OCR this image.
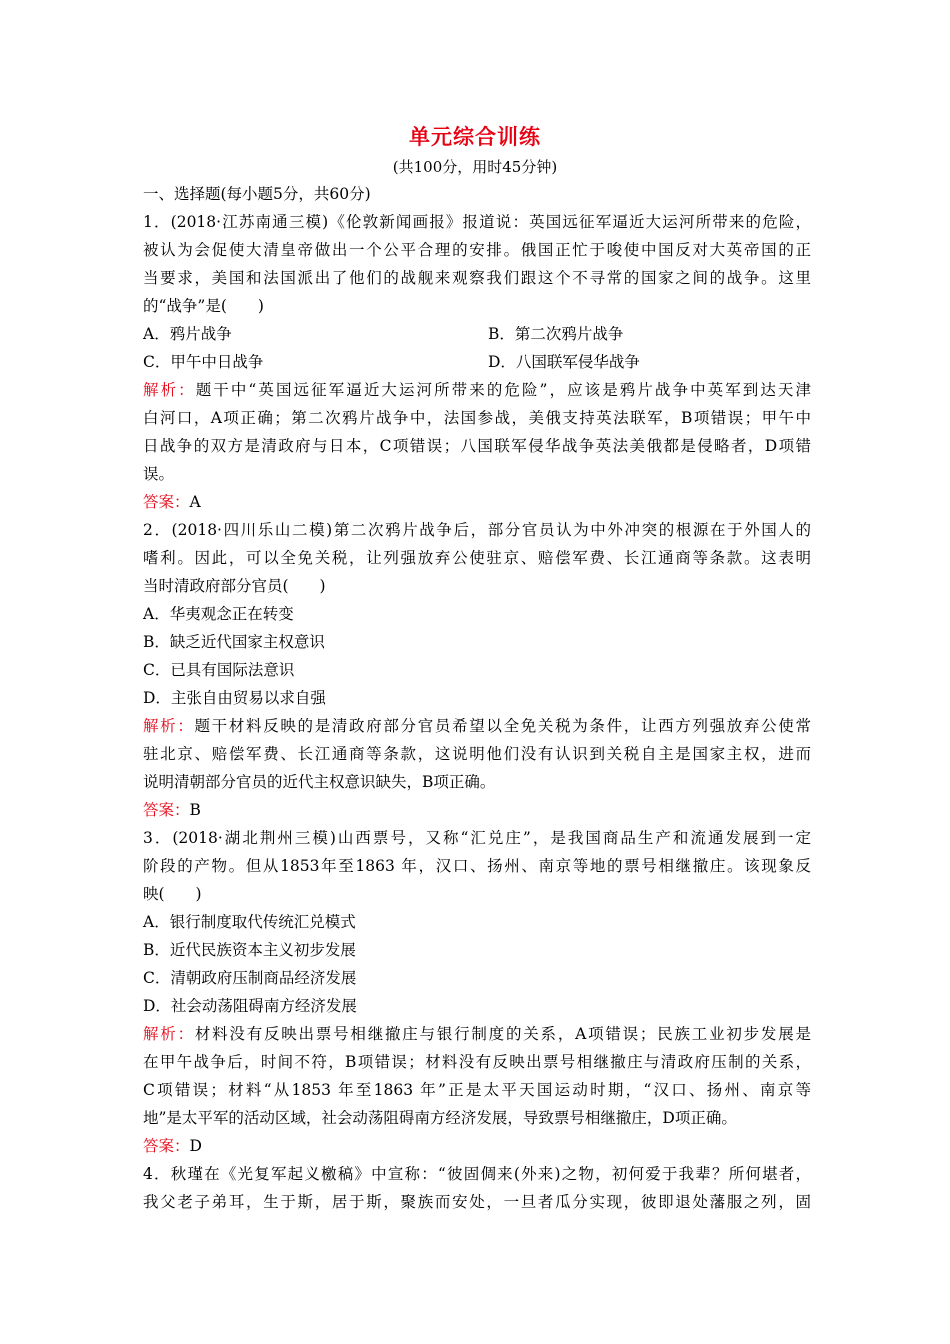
单元综合训练
(共100分，用时45分钟)
一、选择题(每小题5分，共60分)
1．(2018·江苏南通三模)《伦敦新闻画报》报道说：英国远征军逼近大运河所带来的危险，
被认为会促使大清皇帝做出一个公平合理的安排。俄国正忙于唆使中国反对大英帝国的正
当要求，美国和法国派出了他们的战舰来观察我们跟这个不寻常的国家之间的战争。这里
的“战争”是(　　)
A．鸦片战争	B．第二次鸦片战争
C．甲午中日战争	D．八国联军侵华战争
解析：题干中“英国远征军逼近大运河所带来的危险”，应该是鸦片战争中英军到达天津
白河口，A项正确；第二次鸦片战争中，法国参战，美俄支持英法联军，B项错误；甲午中
日战争的双方是清政府与日本，C项错误；八国联军侵华战争英法美俄都是侵略者，D项错
误。
答案：A
2．(2018·四川乐山二模)第二次鸦片战争后，部分官员认为中外冲突的根源在于外国人的
嗜利。因此，可以全免关税，让列强放弃公使驻京、赔偿军费、长江通商等条款。这表明
当时清政府部分官员(　　)
A．华夷观念正在转变
B．缺乏近代国家主权意识
C．已具有国际法意识
D．主张自由贸易以求自强
解析：题干材料反映的是清政府部分官员希望以全免关税为条件，让西方列强放弃公使常
驻北京、赔偿军费、长江通商等条款，这说明他们没有认识到关税自主是国家主权，进而
说明清朝部分官员的近代主权意识缺失，B项正确。
答案：B
3．(2018·湖北荆州三模)山西票号，又称“汇兑庄”，是我国商品生产和流通发展到一定
阶段的产物。但从1853年至1863 年，汉口、扬州、南京等地的票号相继撤庄。该现象反
映(　　)
A．银行制度取代传统汇兑模式
B．近代民族资本主义初步发展
C．清朝政府压制商品经济发展
D．社会动荡阻碍南方经济发展
解析：材料没有反映出票号相继撤庄与银行制度的关系，A项错误；民族工业初步发展是
在甲午战争后，时间不符，B项错误；材料没有反映出票号相继撤庄与清政府压制的关系，
C项错误；材料“从1853 年至1863 年”正是太平天国运动时期，“汉口、扬州、南京等
地”是太平军的活动区域，社会动荡阻碍南方经济发展，导致票号相继撤庄，D项正确。
答案：D
4．秋瑾在《光复军起义檄稿》中宣称：“彼固倜来(外来)之物，初何爱于我辈？所何堪者，
我父老子弟耳，生于斯，居于斯，聚族而安处，一旦者瓜分实现，彼即退处藩服之列，固
